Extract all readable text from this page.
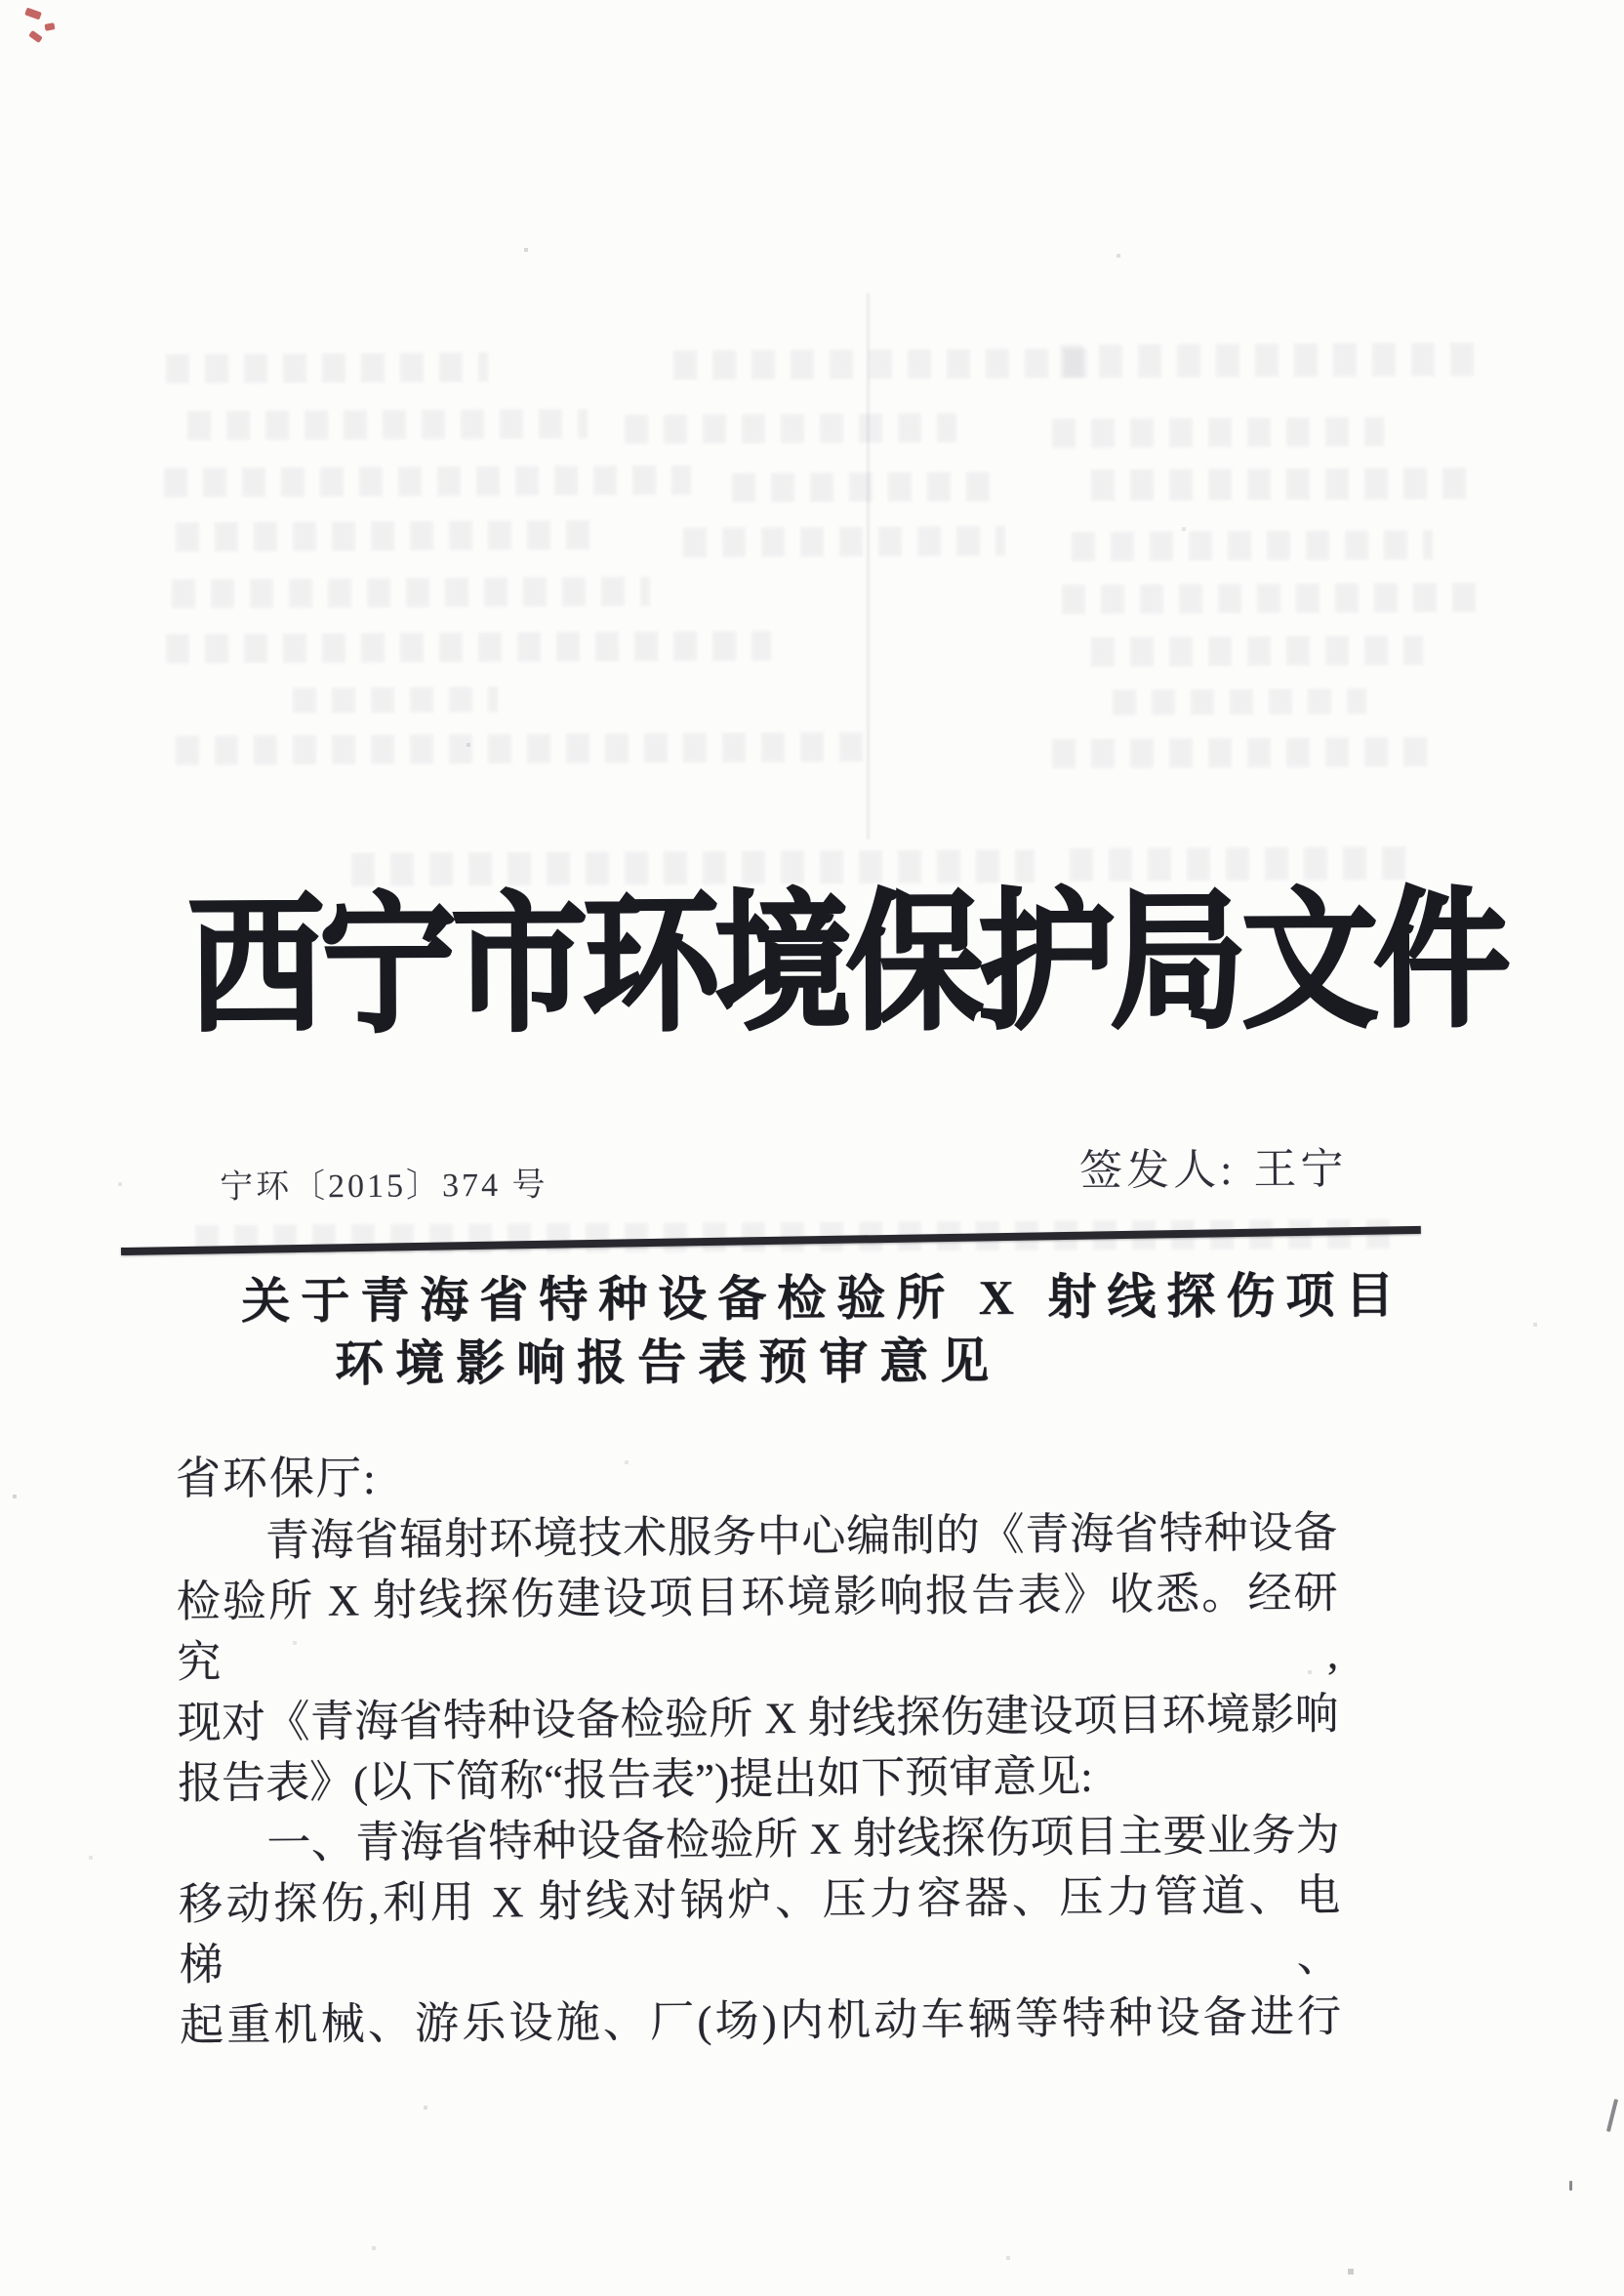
西宁市环境保护局文件
宁环〔2015〕374 号	签发人: 王宁
关于青海省特种设备检验所 X 射线探伤项目
环境影响报告表预审意见
省环保厅:
　　青海省辐射环境技术服务中心编制的《青海省特种设备
检验所 X 射线探伤建设项目环境影响报告表》收悉。经研究,
现对《青海省特种设备检验所 X 射线探伤建设项目环境影响
报告表》(以下简称“报告表”)提出如下预审意见:
　　一、青海省特种设备检验所 X 射线探伤项目主要业务为
移动探伤,利用 X 射线对锅炉、压力容器、压力管道、电梯、
起重机械、游乐设施、厂(场)内机动车辆等特种设备进行
